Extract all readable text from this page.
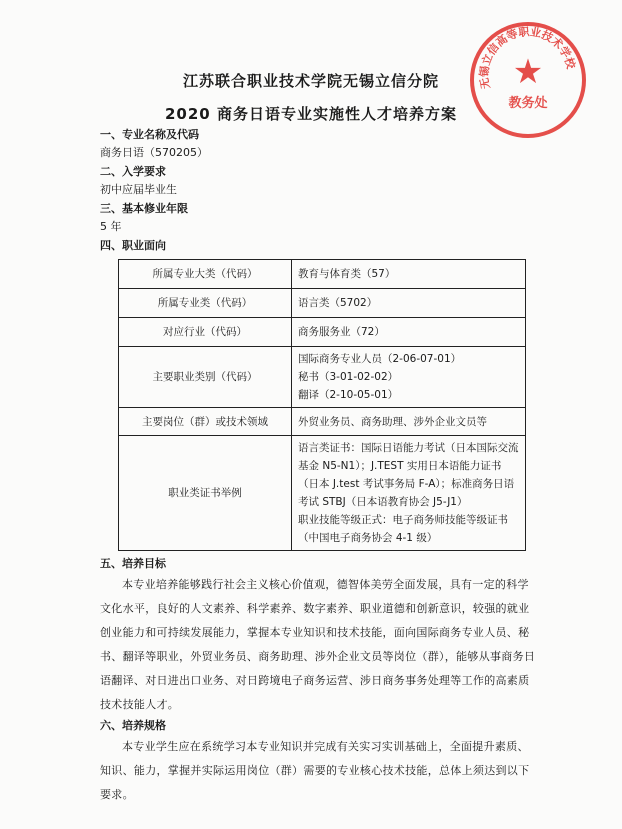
江苏联合职业技术学院无锡立信分院
2020 商务日语专业实施性人才培养方案
无锡立信高等职业技术学校
★
教务处
一、专业名称及代码
商务日语（570205）
二、入学要求
初中应届毕业生
三、基本修业年限
5 年
四、职业面向
所属专业大类（代码）	教育与体育类（57）
所属专业类（代码）	语言类（5702）
对应行业（代码）	商务服务业（72）
主要职业类别（代码）	国际商务专业人员（2-06-07-01）
秘书（3-01-02-02）
翻译（2-10-05-01）

主要岗位（群）或技术领域	外贸业务员、商务助理、涉外企业文员等
职业类证书举例	语言类证书：国际日语能力考试（日本国际交流基金 N5-N1）；J.TEST 实用日本语能力证书（日本 J.test 考试事务局 F-A）；标准商务日语考试 STBJ（日本语教育协会 J5-J1）
职业技能等级正式：电子商务师技能等级证书（中国电子商务协会 4-1 级）
五、培养目标
本专业培养能够践行社会主义核心价值观，德智体美劳全面发展，具有一定的科学文化水平，良好的人文素养、科学素养、数字素养、职业道德和创新意识，较强的就业创业能力和可持续发展能力，掌握本专业知识和技术技能，面向国际商务专业人员、秘书、翻译等职业，外贸业务员、商务助理、涉外企业文员等岗位（群），能够从事商务日语翻译、对日进出口业务、对日跨境电子商务运营、涉日商务事务处理等工作的高素质技术技能人才。
六、培养规格
本专业学生应在系统学习本专业知识并完成有关实习实训基础上，全面提升素质、知识、能力，掌握并实际运用岗位（群）需要的专业核心技术技能，总体上须达到以下要求。
